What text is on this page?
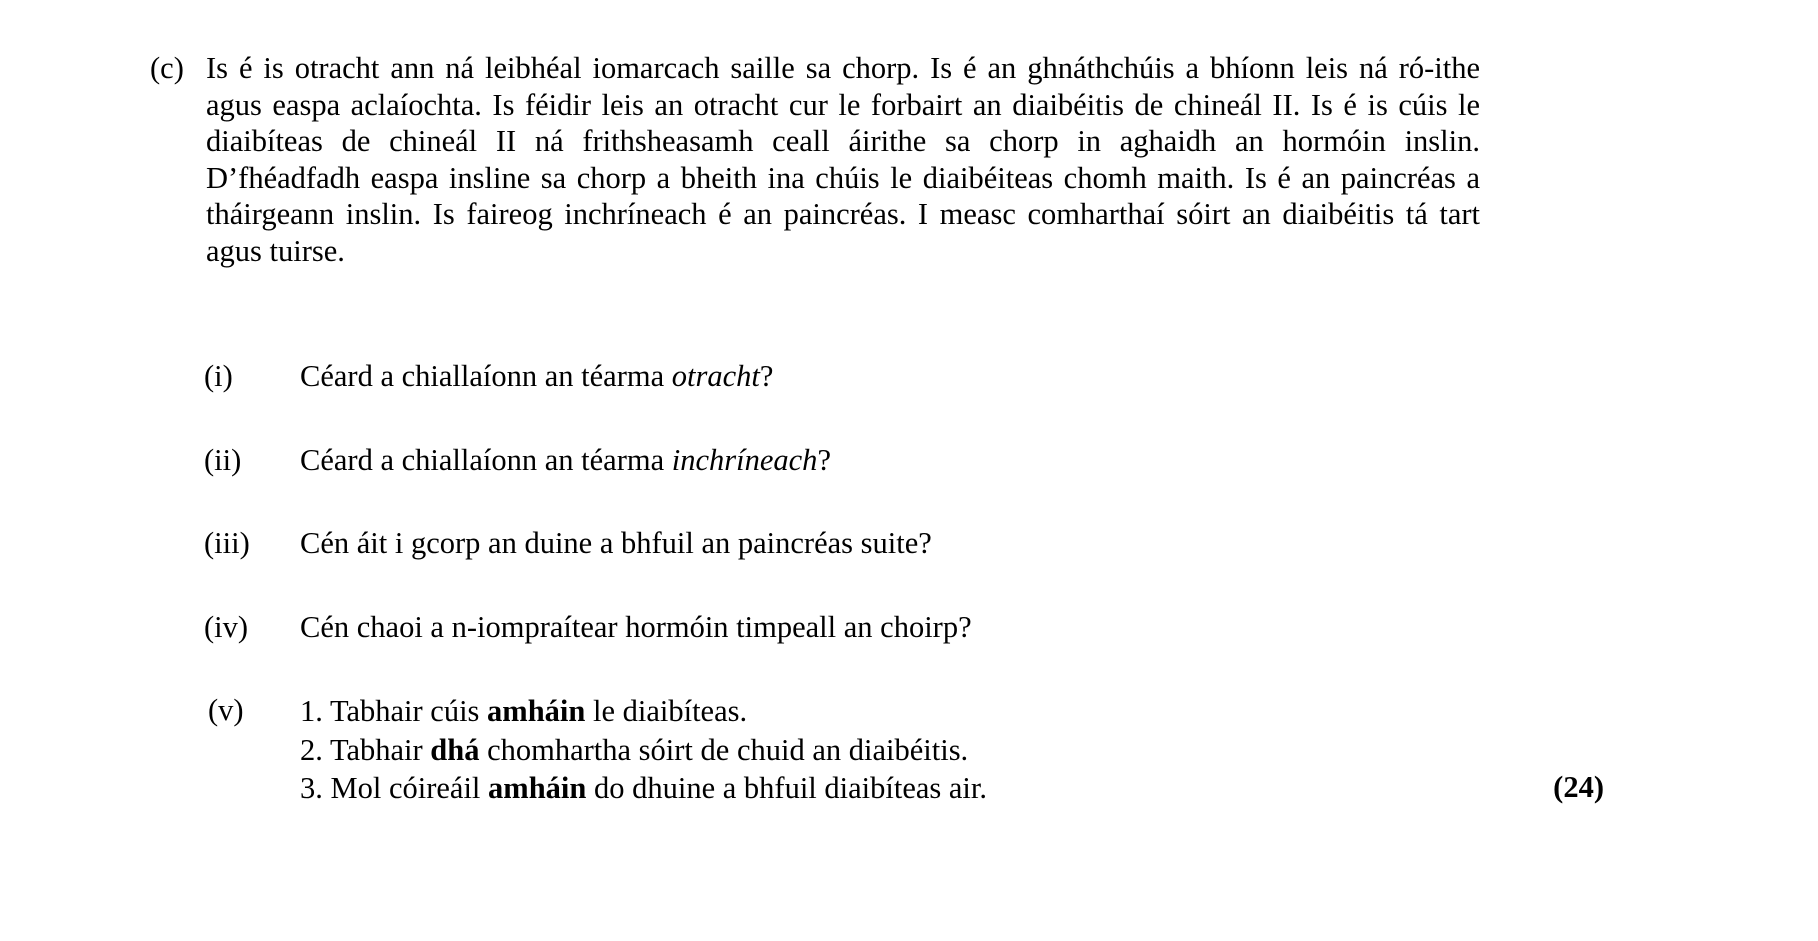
(c) Is é is otracht ann ná leibhéal iomarcach saille sa chorp. Is é an ghnáthchúis a bhíonn leis ná ró-ithe agus easpa aclaíochta. Is féidir leis an otracht cur le forbairt an diaibéitis de chineál II. Is é is cúis le diaibíteas de chineál II ná frithsheasamh ceall áirithe sa chorp in aghaidh an hormóin inslin. D’fhéadfadh easpa insline sa chorp a bheith ina chúis le diaibéiteas chomh maith. Is é an paincréas a tháirgeann inslin. Is faireog inchríneach é an paincréas. I measc comharthaí sóirt an diaibéitis tá tart agus tuirse.
(i)	Céard a chiallaíonn an téarma otracht?
(ii)	Céard a chiallaíonn an téarma inchríneach?
(iii)	Cén áit i gcorp an duine a bhfuil an paincréas suite?
(iv)	Cén chaoi a n-iompraítear hormóin timpeall an choirp?
(v)	1. Tabhair cúis amháin le diaibíteas.
2. Tabhair dhá chomhartha sóirt de chuid an diaibéitis.
3. Mol cóireáil amháin do dhuine a bhfuil diaibíteas air.	(24)
